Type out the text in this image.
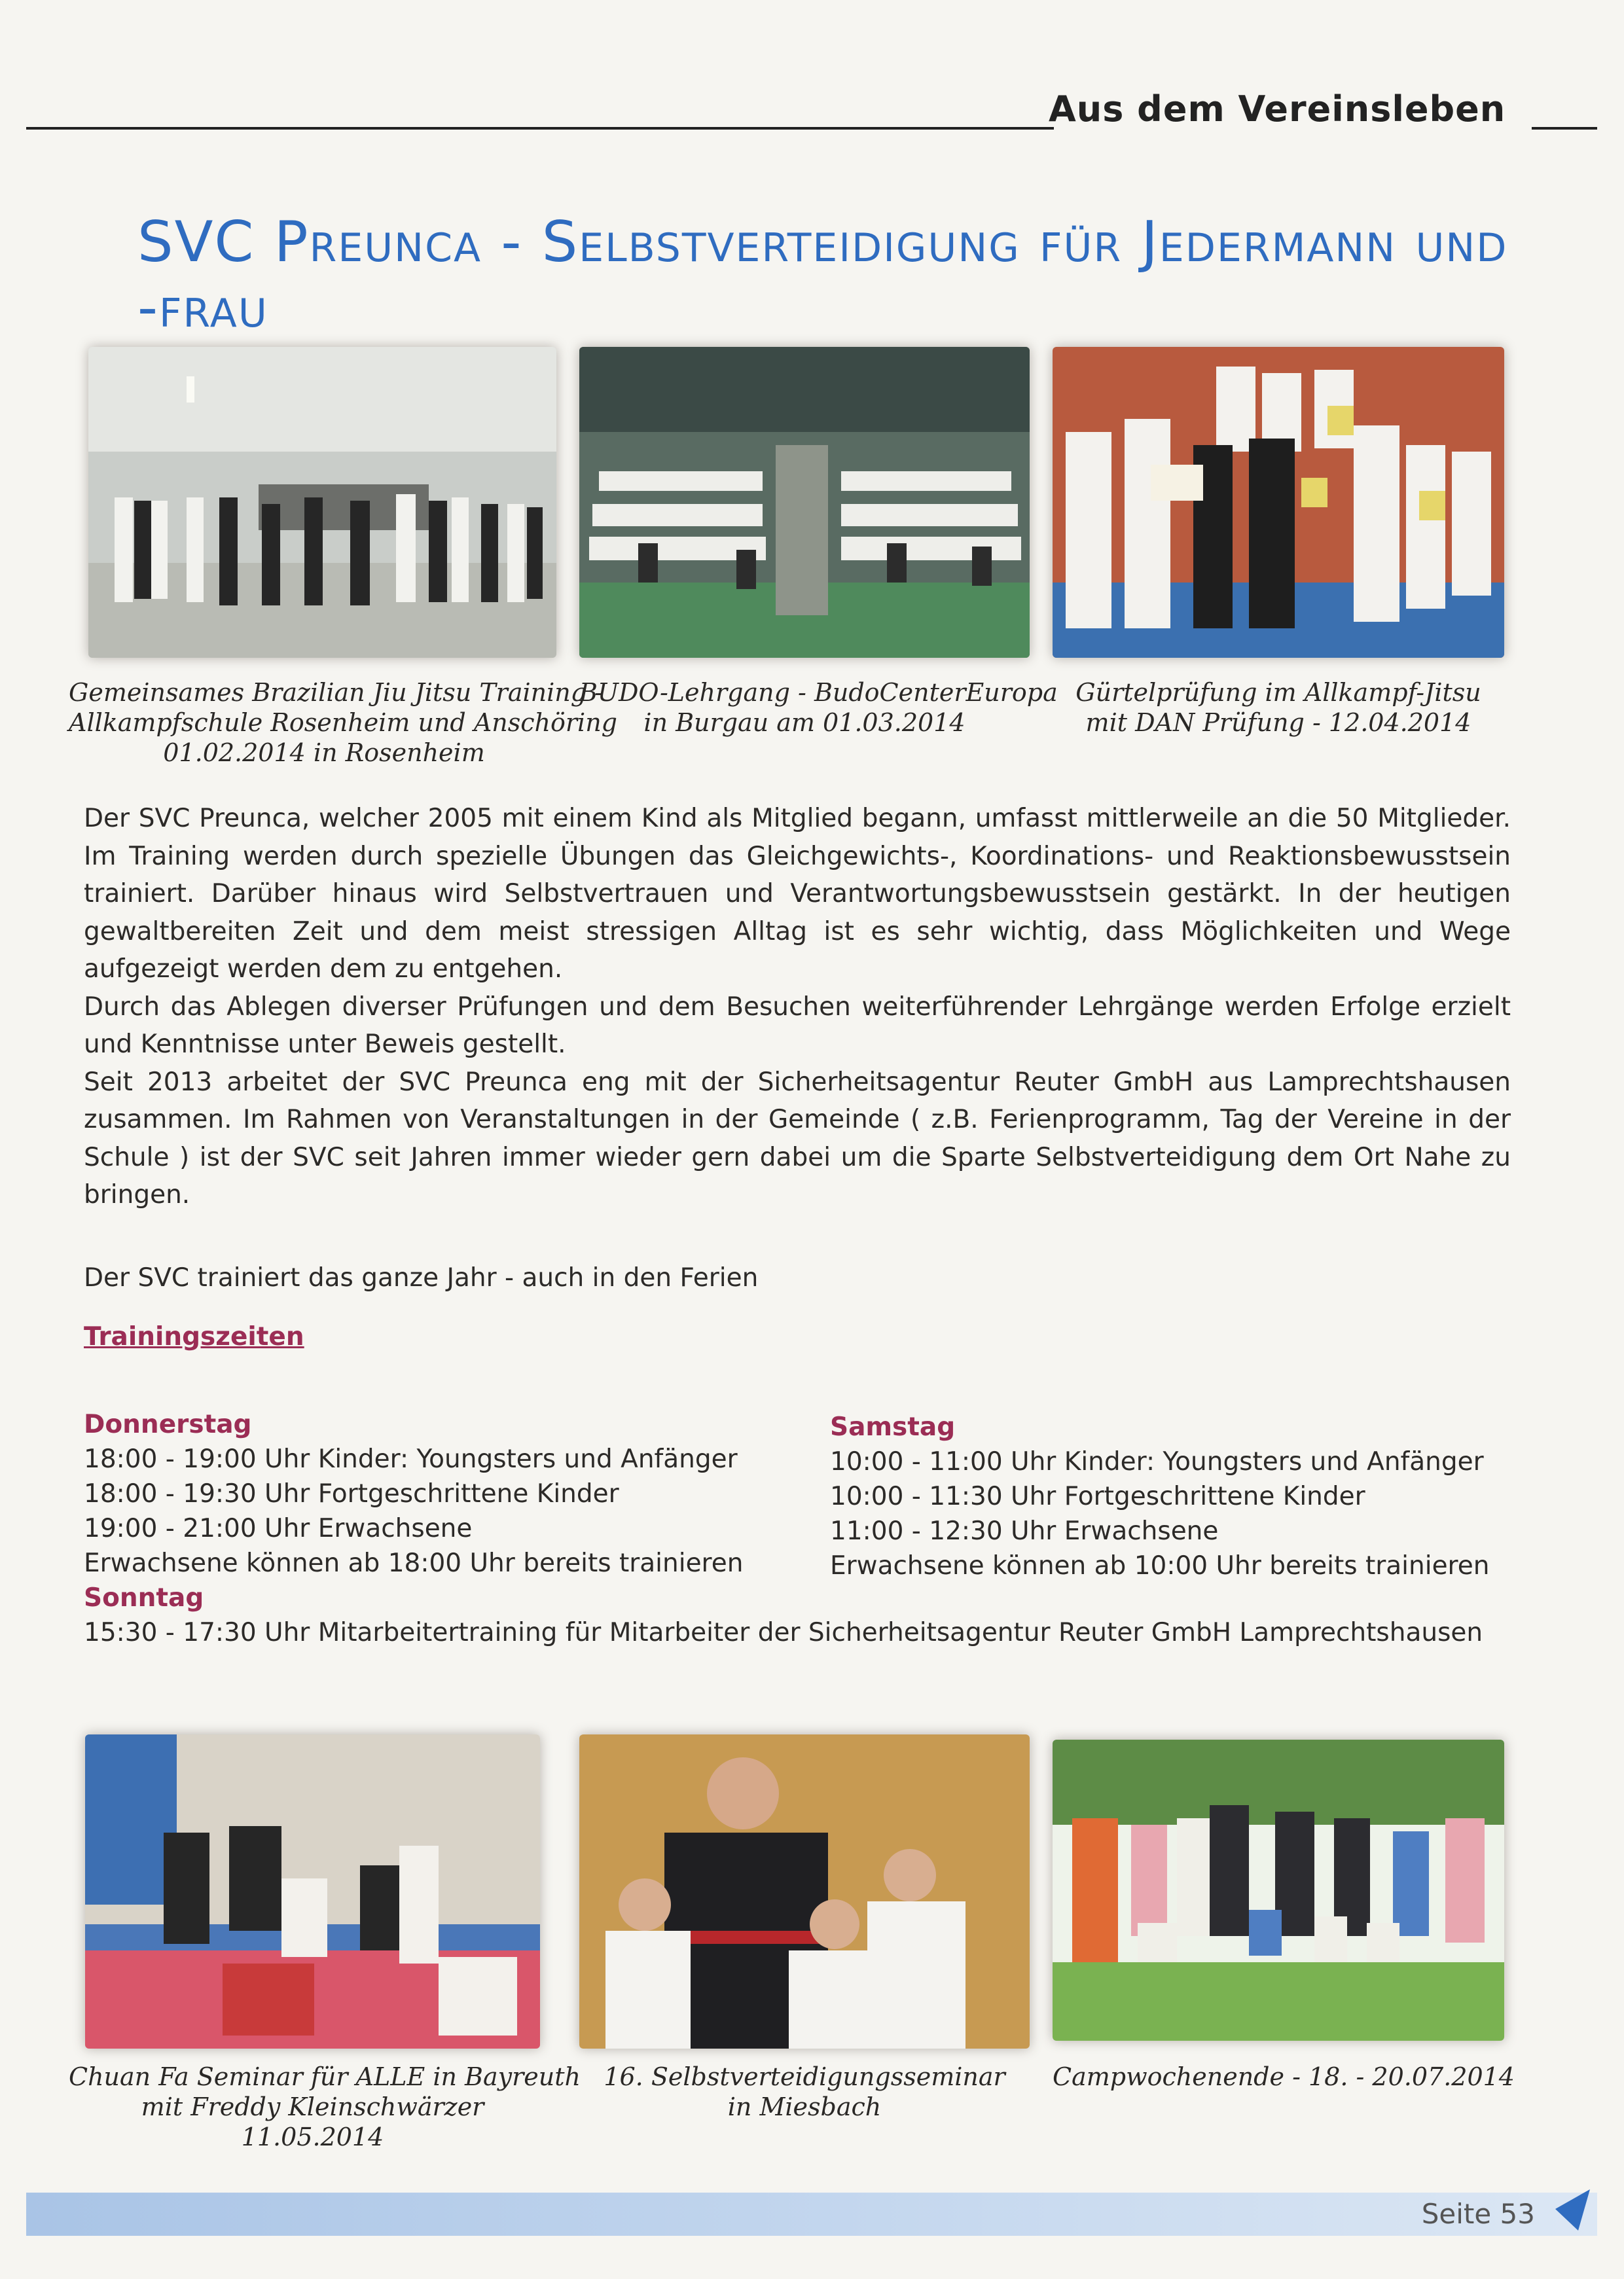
Aus dem Vereinsleben
SVC Preunca - Selbstverteidigung für Jedermann und -frau
Gemeinsames Brazilian Jiu Jitsu Training -
Allkampfschule Rosenheim und Anschöring
01.02.2014 in Rosenheim
BUDO-Lehrgang - BudoCenterEuropa
in Burgau am 01.03.2014
Gürtelprüfung im Allkampf-Jitsu
mit DAN Prüfung - 12.04.2014

Der SVC Preunca, welcher 2005 mit einem Kind als Mitglied begann, umfasst mittlerweile an die 50 Mitglieder. Im Training werden durch spezielle Übungen das Gleichgewichts-, Koordinations- und Reaktionsbewusstsein trainiert. Darüber hinaus wird Selbstvertrauen und Verantwortungsbewusstsein gestärkt. In der heutigen gewaltbereiten Zeit und dem meist stressigen Alltag ist es sehr wichtig, dass Möglichkeiten und Wege aufgezeigt werden dem zu entgehen.

Durch das Ablegen diverser Prüfungen und dem Besuchen weiterführender Lehrgänge werden Erfolge erzielt und Kenntnisse unter Beweis gestellt.

Seit 2013 arbeitet der SVC Preunca eng mit der Sicherheitsagentur Reuter GmbH aus Lamprechtshausen zusammen. Im Rahmen von Veranstaltungen in der Gemeinde ( z.B. Ferienprogramm, Tag der Vereine in der Schule ) ist der SVC seit Jahren immer wieder gern dabei um die Sparte Selbstverteidigung dem Ort Nahe zu bringen.

Der SVC trainiert das ganze Jahr - auch in den Ferien
Trainingszeiten
Donnerstag
18:00 - 19:00 Uhr Kinder: Youngsters und Anfänger
18:00 - 19:30 Uhr Fortgeschrittene Kinder
19:00 - 21:00 Uhr Erwachsene
Erwachsene können ab 18:00 Uhr bereits trainieren
Sonntag
15:30 - 17:30 Uhr Mitarbeitertraining für Mitarbeiter der Sicherheitsagentur Reuter GmbH Lamprechtshausen
Samstag
10:00 - 11:00 Uhr Kinder: Youngsters und Anfänger
10:00 - 11:30 Uhr Fortgeschrittene Kinder
11:00 - 12:30 Uhr Erwachsene
Erwachsene können ab 10:00 Uhr bereits trainieren
Chuan Fa Seminar für ALLE in Bayreuth
mit Freddy Kleinschwärzer
11.05.2014
16. Selbstverteidigungsseminar
in Miesbach
Campwochenende - 18. - 20.07.2014
Seite 53
